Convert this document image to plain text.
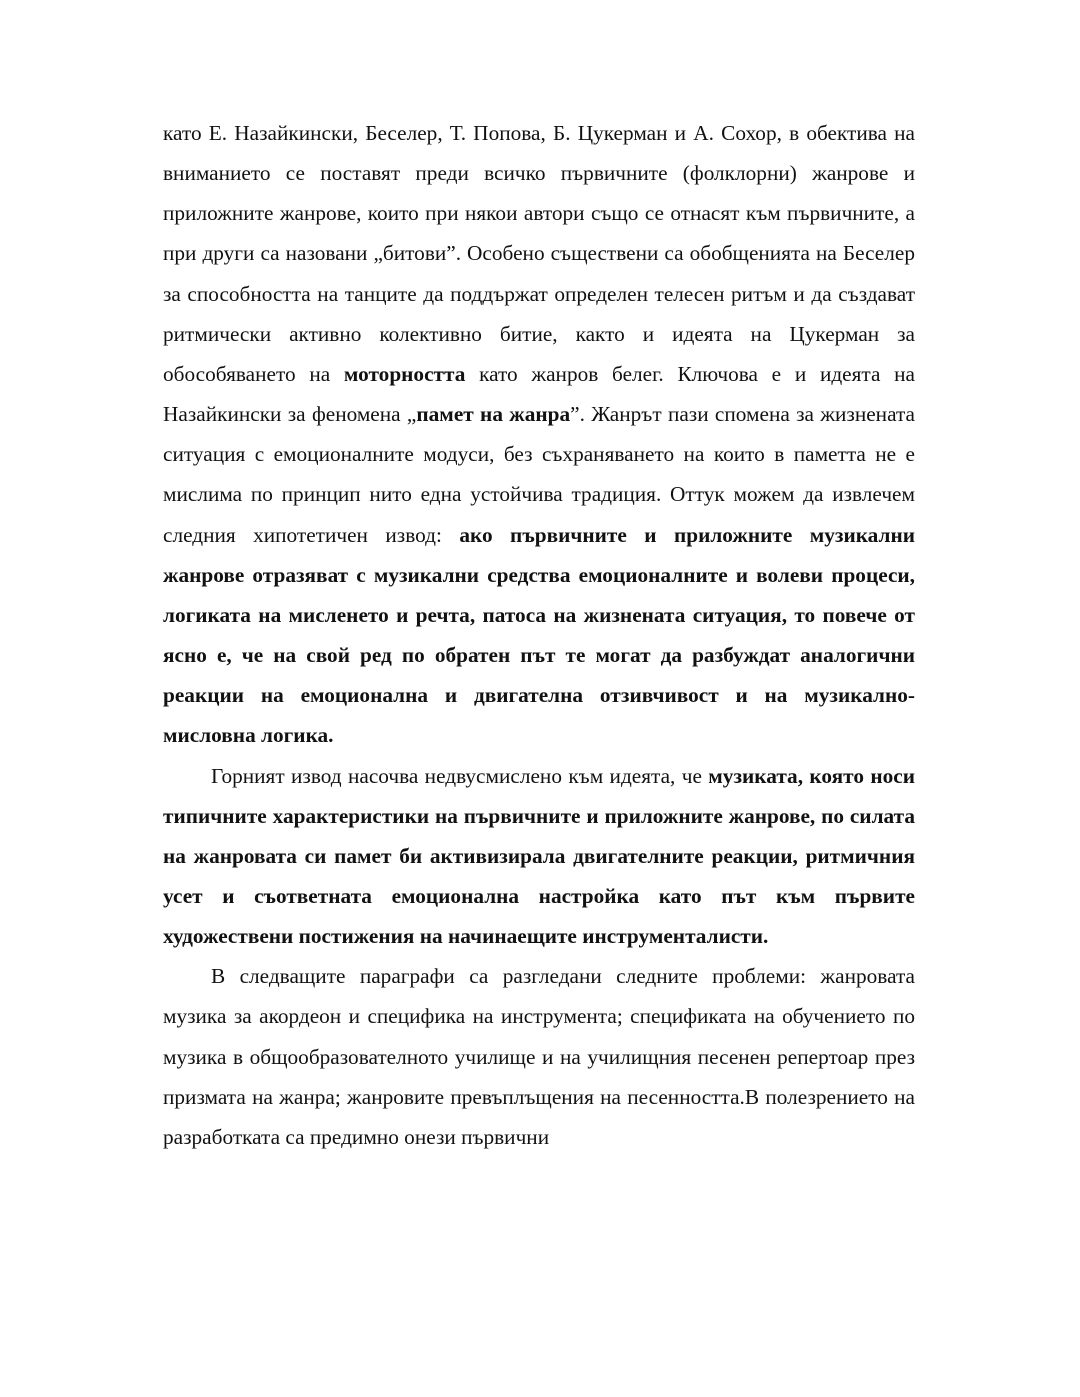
като Е. Назайкински, Беселер, Т. Попова, Б. Цукерман и А. Сохор, в обектива на вниманието се поставят преди всичко първичните (фолклорни) жанрове и приложните жанрове, които при някои автори също се отнасят към първичните, а при други са назовани „битови”. Особено съществени са обобщенията на Беселер за способността на танците да поддържат определен телесен ритъм и да създават ритмически активно колективно битие, както и идеята на Цукерман за обособяването на моторността като жанров белег. Ключова е и идеята на Назайкински за феномена „памет на жанра”. Жанрът пази спомена за жизнената ситуация с емоционалните модуси, без съхраняването на които в паметта не е мислима по принцип нито една устойчива традиция. Оттук можем да извлечем следния хипотетичен извод: ако първичните и приложните музикални жанрове отразяват с музикални средства емоционалните и волеви процеси, логиката на мисленето и речта, патоса на жизнената ситуация, то повече от ясно е, че на свой ред по обратен път те могат да разбуждат аналогични реакции на емоционална и двигателна отзивчивост и на музикално-мисловна логика.

Горният извод насочва недвусмислено към идеята, че музиката, която носи типичните характеристики на първичните и приложните жанрове, по силата на жанровата си памет би активизирала двигателните реакции, ритмичния усет и съответната емоционална настройка като път към първите художествени постижения на начинаещите инструменталисти.

В следващите параграфи са разгледани следните проблеми: жанровата музика за акордеон и специфика на инструмента; спецификата на обучението по музика в общообразователното училище и на училищния песенен репертоар през призмата на жанра; жанровите превъплъщения на песенността.В полезрението на разработката са предимно онези първични
